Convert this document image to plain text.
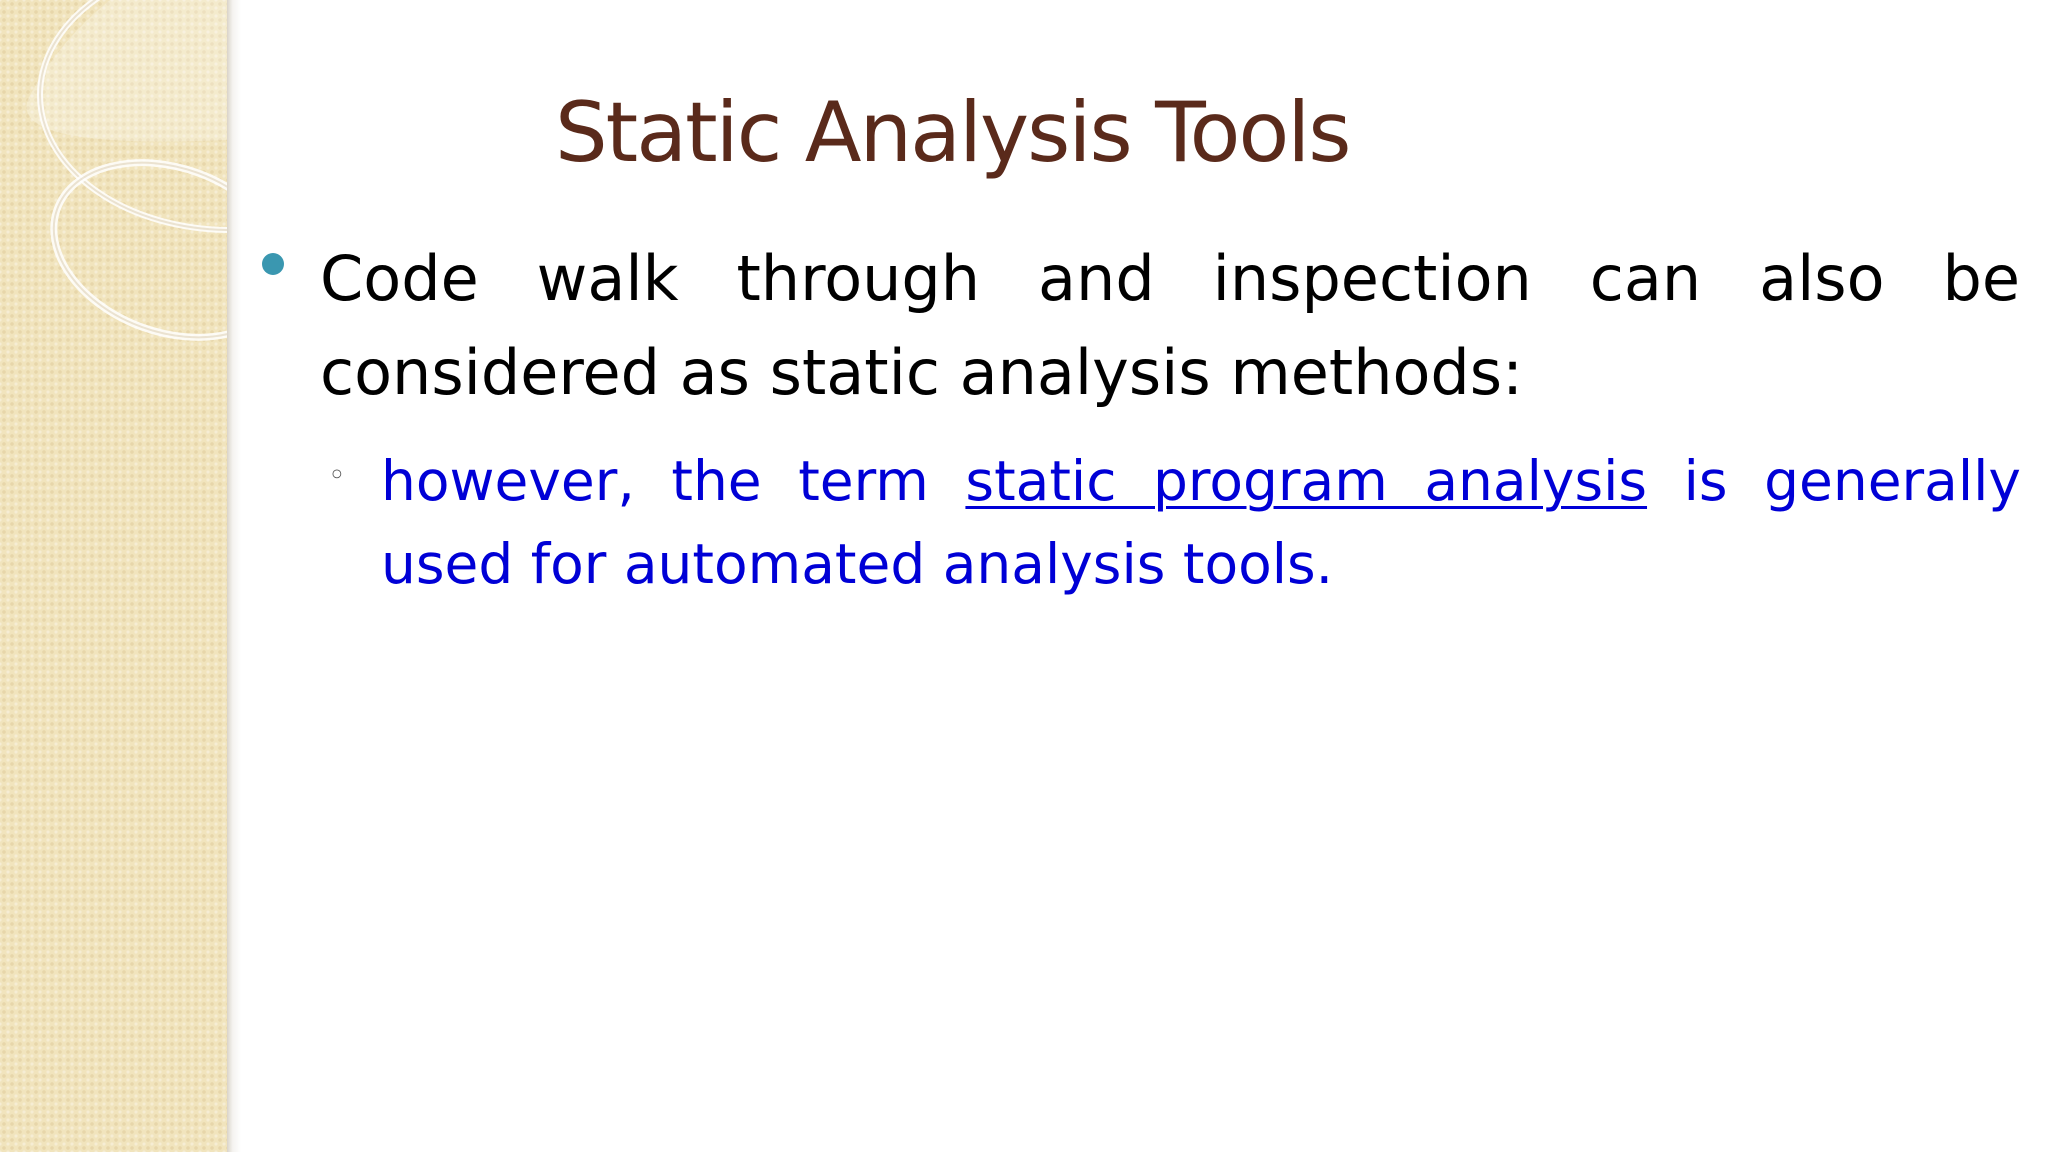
Static Analysis Tools

Code walk through and inspection can also be considered as static analysis methods:

◦ however, the term static program analysis is generally used for automated analysis tools.
